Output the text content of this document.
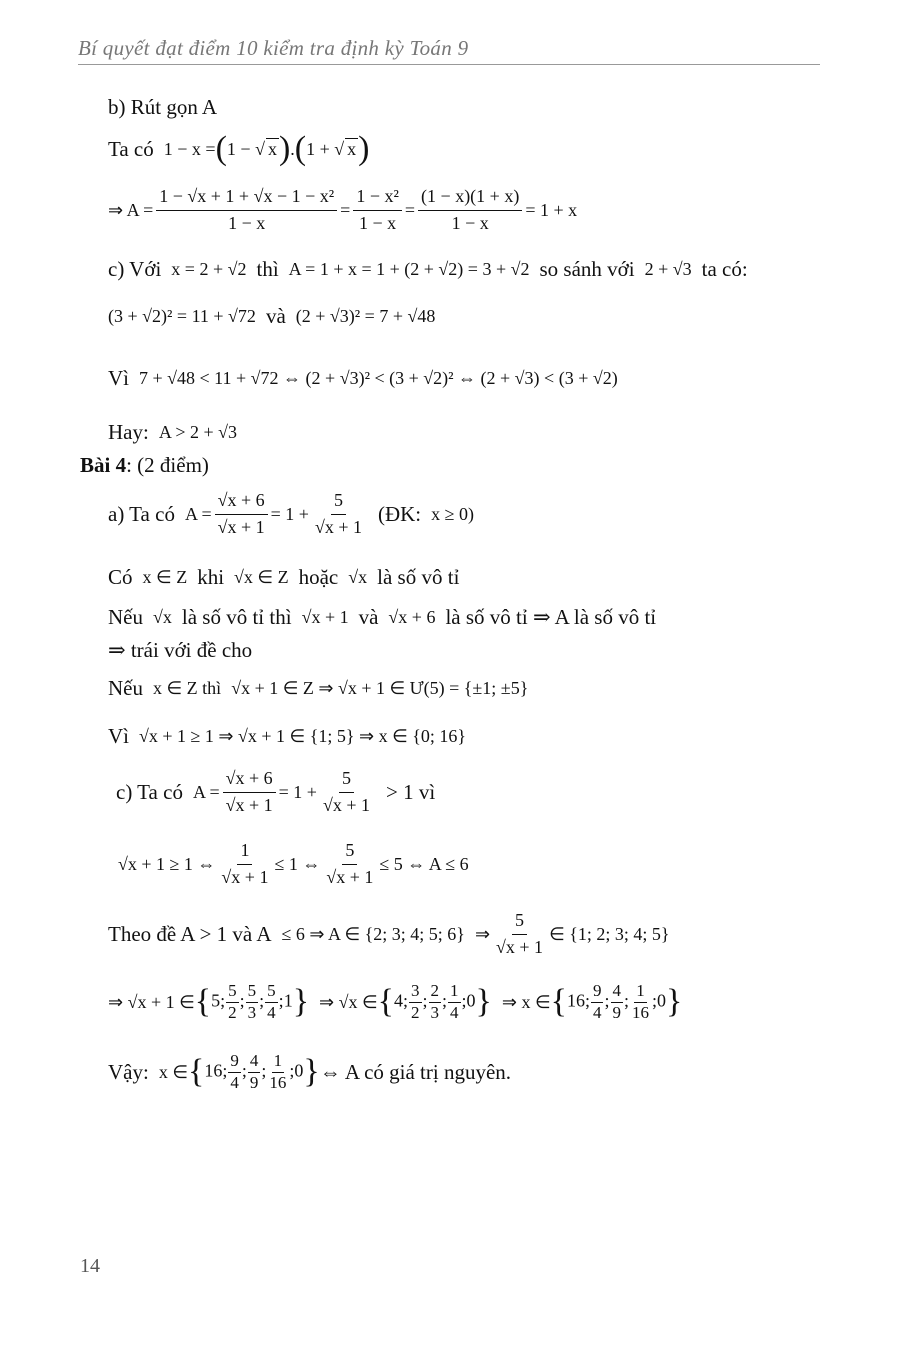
Bí quyết đạt điểm 10 kiểm tra định kỳ Toán 9
b) Rút gọn A
Ta có 1 − x = ( 1 − √ x ) . ( 1 + √ x )
⇒ $A = \frac{\text{1 − √x + 1 + √x − 1 − x²}}{1 - x} = \frac{\text{1 − x²}}{1 - x} = \frac{(1 - x)(1 + x)}{1 - x} = 1 + x$
c) Với x = 2 + √2 thì A = 1 + x = 1 + (2 + √2) = 3 + √2 so sánh với 2 + √3 ta có:
(3 + √2)² = 11 + √72 và (2 + √3)² = 7 + √48
Vì 7 + √48 < 11 + √72 ⇔ (2 + √3)² < (3 + √2)² ⇔ (2 + √3) < (3 + √2)
Hay: A > 2 + √3
Bài 4 : (2 điểm)
a) Ta có $A = \frac{√x + 6}{√x + 1} = 1 + \frac{5}{√x + 1}$ (ĐK: x ≥ 0)
Có x ∈ Z khi √x ∈ Z hoặc √x là số vô tỉ
Nếu √x là số vô tỉ thì √x + 1 và √x + 6 là số vô tỉ ⇒ A là số vô tỉ
⇒ trái với đề cho
Nếu x ∈ Z thì √x + 1 ∈ Z ⇒ √x + 1 ∈ Ư(5) = {±1; ±5}
Vì √x + 1 ≥ 1 ⇒ √x + 1 ∈ {1; 5} ⇒ x ∈ {0; 16}
c) Ta có $A = \frac{√x + 6}{√x + 1} = 1 + \frac{5}{√x + 1} > 1$ vì
√x + 1 ≥ 1 ⇔ $\frac{1}{√x + 1} \le 1$ ⇔ $\frac{5}{√x + 1} \le 5$ ⇔ A ≤ 6
Theo đề A > 1 và A ≤ 6 ⇒ A ∈ {2; 3; 4; 5; 6} ⇒ $\frac{5}{√x + 1}$ ∈ {1; 2; 3; 4; 5}
⇒ √x + 1 ∈ { 5; $\frac{5}{2}$ ; $\frac{5}{3}$ ; $\frac{5}{4}$ ;1 } ⇒ √x ∈ { 4; $\frac{3}{2}$ ; $\frac{2}{3}$ ; $\frac{1}{4}$ ;0 } ⇒ x ∈ { 16; $\frac{9}{4}$ ; $\frac{4}{9}$ ; $\frac{1}{16}$ ;0 }
Vậy: x ∈ { 16; $\frac{9}{4}$ ; $\frac{4}{9}$ ; $\frac{1}{16}$ ;0 } ⇔ A có giá trị nguyên.
14
